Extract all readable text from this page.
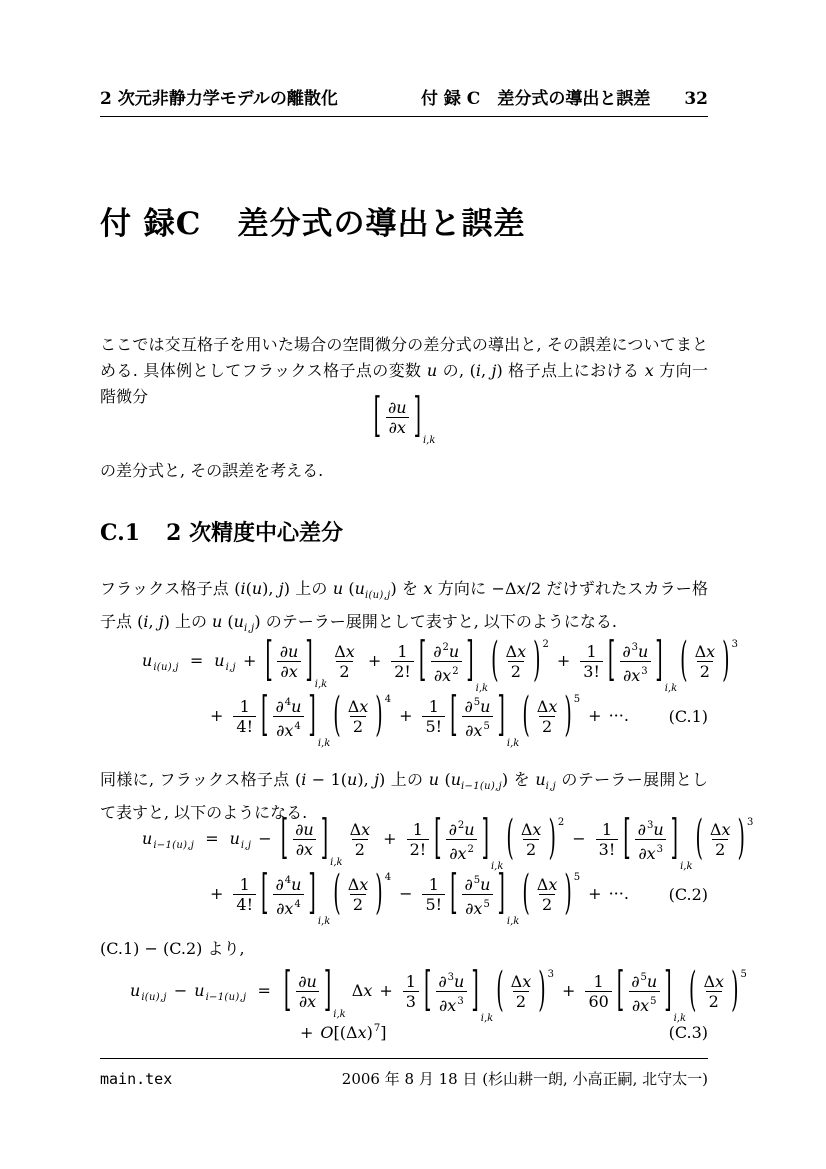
2 次元非静力学モデルの離散化	付 録 C　差分式の導出と誤差 32
付 録C 差分式の導出と誤差
ここでは交互格子を用いた場合の空間微分の差分式の導出と, その誤差についてまとめる. 具体例としてフラックス格子点の変数 u の, (i, j) 格子点上における x 方向一階微分	[ $\frac{\partial u}{\partial x}$ ] i,k
の差分式と, その誤差を考える.
C.1 2 次精度中心差分
フラックス格子点 (i(u), j) 上の u $(u_{i(u),j})$ を x 方向に −Δx/2 だけずれたスカラー格子点 (i, j) 上の u $(u_{i,j})$ のテーラー展開として表すと, 以下のようになる.
$u_{i(u),j} = u_{i,j}$ + [ $\frac{\partial u}{\partial x}$ ] i,k
$\frac{\Delta x}{2} + \frac{1}{2!}$ [ $\frac{\partial^2u}{\partial x^2}$ ]
i,k
( $\frac{\Delta x}{2}$ ) 2
+ $\frac{1}{3!}$ [ $\frac{\partial^3u}{\partial x^3}$ ]
i,k
( $\frac{\Delta x}{2}$ ) 3
+ $\frac{1}{4!}$ [ $\frac{\partial^4u}{\partial x^4}$ ]
i,k
( $\frac{\Delta x}{2}$ ) 4
+ $\frac{1}{5!}$ [ $\frac{\partial^5u}{\partial x^5}$ ]
i,k
( $\frac{\Delta x}{2}$ ) 5
+ ···. (C.1)
同様に, フラックス格子点 (i − 1(u), j) 上の u $(u_{i-1(u),j})$ を $u_{i,j}$ のテーラー展開として表すと, 以下のようになる.
$u_{i-1(u),j} = u_{i,j}$ − [ $\frac{\partial u}{\partial x}$ ] i,k
$\frac{\Delta x}{2} + \frac{1}{2!}$ [ $\frac{\partial^2u}{\partial x^2}$ ]
i,k
( $\frac{\Delta x}{2}$ ) 2
− $\frac{1}{3!}$ [ $\frac{\partial^3u}{\partial x^3}$ ]
i,k
( $\frac{\Delta x}{2}$ ) 3
+ $\frac{1}{4!}$ [ $\frac{\partial^4u}{\partial x^4}$ ]
i,k
( $\frac{\Delta x}{2}$ ) 4
− $\frac{1}{5!}$ [ $\frac{\partial^5u}{\partial x^5}$ ]
i,k
( $\frac{\Delta x}{2}$ ) 5
+ ···. (C.2)
(C.1) − (C.2) より,
$u_{i(u),j} - u_{i-1(u),j}$ = [ $\frac{\partial u}{\partial x}$ ] i,k
$\Delta x + \frac{1}{3}$ [ $\frac{\partial^3u}{\partial x^3}$ ]
i,k
( $\frac{\Delta x}{2}$ ) 3
+ $\frac{1}{60}$ [ $\frac{\partial^5u}{\partial x^5}$ ]
i,k
( $\frac{\Delta x}{2}$ ) 5
+ $O[(\Delta x)^7]$	(C.3)
main.tex	2006 年 8 月 18 日 (杉山耕一朗, 小高正嗣, 北守太一)
